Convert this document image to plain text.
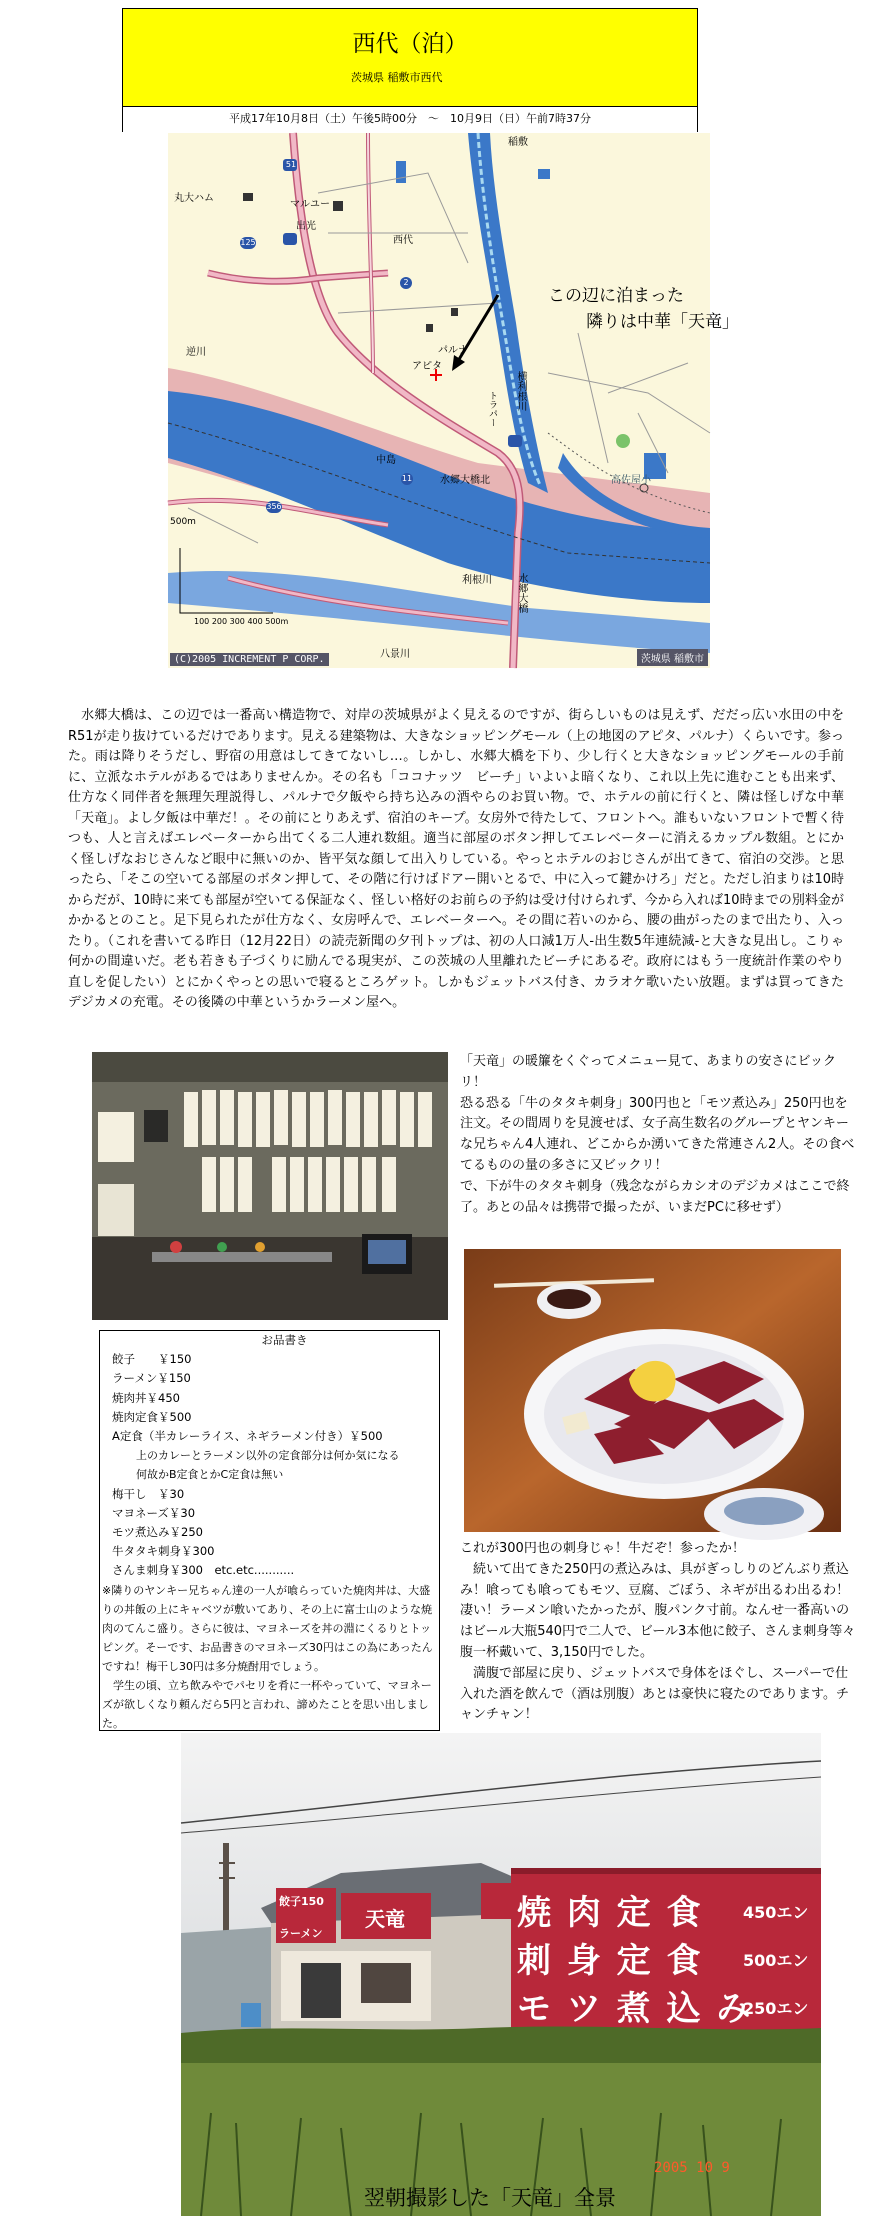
西代（泊）
茨城県 稲敷市西代
平成17年10月8日（土）午後5時00分　～　10月9日（日）午前7時37分
丸大ハム
マルユー
出光
西代
逆川	パルナ
アピタ
横利根川
トラパー
中島
水郷大橋北
利根川 水郷大橋
八景川
高佐屋小
稲敷
500m
100 200 300 400 500m
51
125
2
11
356
この辺に泊まった
隣りは中華「天竜」
(C)2005 INCREMENT P CORP.	茨城県 稲敷市
　水郷大橋は、この辺では一番高い構造物で、対岸の茨城県がよく見えるのですが、街らしいものは見えず、だだっ広い水田の中をR51が走り抜けているだけであります。見える建築物は、大きなショッピングモール（上の地図のアピタ、パルナ）くらいです。参った。雨は降りそうだし、野宿の用意はしてきてないし…。しかし、水郷大橋を下り、少し行くと大きなショッピングモールの手前に、立派なホテルがあるではありませんか。その名も「ココナッツ　ビーチ」いよいよ暗くなり、これ以上先に進むことも出来ず、仕方なく同伴者を無理矢理説得し、パルナで夕飯やら持ち込みの酒やらのお買い物。で、ホテルの前に行くと、隣は怪しげな中華「天竜」。よし夕飯は中華だ！。その前にとりあえず、宿泊のキープ。女房外で待たして、フロントへ。誰もいないフロントで暫く待つも、人と言えばエレベーターから出てくる二人連れ数組。適当に部屋のボタン押してエレベーターに消えるカップル数組。とにかく怪しげなおじさんなど眼中に無いのか、皆平気な顔して出入りしている。やっとホテルのおじさんが出てきて、宿泊の交渉。と思ったら、「そこの空いてる部屋のボタン押して、その階に行けばドアー開いとるで、中に入って鍵かけろ」だと。ただし泊まりは10時からだが、10時に来ても部屋が空いてる保証なく、怪しい格好のお前らの予約は受け付けられず、今から入れば10時までの別料金がかかるとのこと。足下見られたが仕方なく、女房呼んで、エレベーターへ。その間に若いのから、腰の曲がったのまで出たり、入ったり。（これを書いてる昨日（12月22日）の読売新聞の夕刊トップは、初の人口減1万人-出生数5年連続減-と大きな見出し。こりゃ何かの間違いだ。老も若きも子づくりに励んでる現実が、この茨城の人里離れたビーチにあるぞ。政府にはもう一度統計作業のやり直しを促したい）とにかくやっとの思いで寝るところゲット。しかもジェットバス付き、カラオケ歌いたい放題。まずは買ってきたデジカメの充電。その後隣の中華というかラーメン屋へ。
「天竜」の暖簾をくぐってメニュー見て、あまりの安さにビックリ！
恐る恐る「牛のタタキ刺身」300円也と「モツ煮込み」250円也を注文。その間周りを見渡せば、女子高生数名のグループとヤンキーな兄ちゃん4人連れ、どこからか湧いてきた常連さん2人。その食べてるものの量の多さに又ビックリ！
で、下が牛のタタキ刺身（残念ながらカシオのデジカメはここで終了。あとの品々は携帯で撮ったが、いまだPCに移せず）
お品書き
餃子　　￥150
ラーメン￥150
焼肉丼￥450
焼肉定食￥500
A定食（半カレーライス、ネギラーメン付き）￥500
上のカレーとラーメン以外の定食部分は何か気になる
何故かB定食とかC定食は無い
梅干し　￥30
マヨネーズ￥30
モツ煮込み￥250
牛タタキ刺身￥300
さんま刺身￥300　etc.etc...........
※隣りのヤンキー兄ちゃん達の一人が喰らっていた焼肉丼は、大盛りの丼飯の上にキャベツが敷いてあり、その上に富士山のような焼肉のてんこ盛り。さらに彼は、マヨネーズを丼の淵にくるりとトッピング。そーです、お品書きのマヨネーズ30円はこの為にあったんですね！梅干し30円は多分焼酎用でしょう。
　学生の頃、立ち飲みやでパセリを肴に一杯やっていて、マヨネーズが欲しくなり頼んだら5円と言われ、諦めたことを思い出しました。
これが300円也の刺身じゃ！牛だぞ！参ったか！
　続いて出てきた250円の煮込みは、具がぎっしりのどんぶり煮込み！喰っても喰ってもモツ、豆腐、ごぼう、ネギが出るわ出るわ！凄い！ラーメン喰いたかったが、腹パンク寸前。なんせ一番高いのはビール大瓶540円で二人で、ビール3本他に餃子、さんま刺身等々腹一杯戴いて、3,150円でした。
　満腹で部屋に戻り、ジェットバスで身体をほぐし、スーパーで仕入れた酒を飲んで（酒は別腹）あとは豪快に寝たのであります。チャンチャン！
焼 肉 定 食
刺 身 定 食
モ ツ 煮 込 み
450エン
500エン
250エン
餃子150
ラーメン
天竜
翌朝撮影した「天竜」全景
2005 10 9
